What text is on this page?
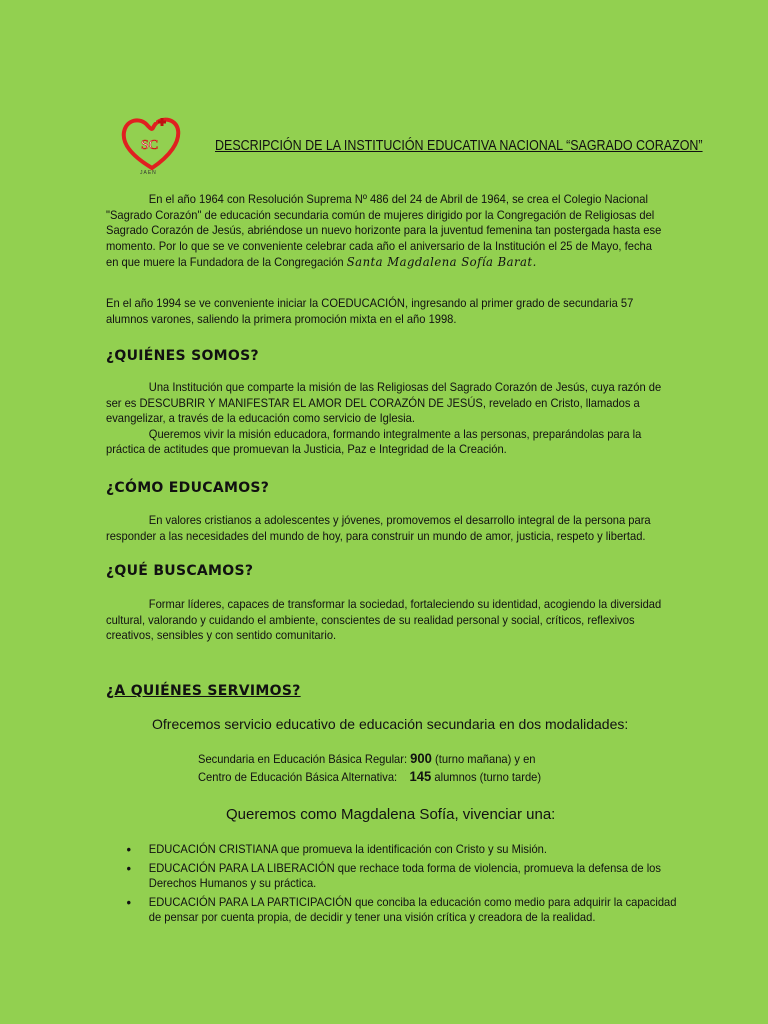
SC
JAEN
DESCRIPCIÓN DE LA INSTITUCIÓN EDUCATIVA NACIONAL “SAGRADO CORAZON”

En el año 1964 con Resolución Suprema Nº 486 del 24 de Abril de 1964, se crea el Colegio Nacional "Sagrado Corazón" de educación secundaria común de mujeres dirigido por la Congregación de Religiosas del Sagrado Corazón de Jesús, abriéndose un nuevo horizonte para la juventud femenina tan postergada hasta ese momento. Por lo que se ve conveniente celebrar cada año el aniversario de la Institución el 25 de Mayo, fecha en que muere la Fundadora de la Congregación Santa Magdalena Sofía Barat.

En el año 1994 se ve conveniente iniciar la COEDUCACIÓN, ingresando al primer grado de secundaria 57 alumnos varones, saliendo la primera promoción mixta en el año 1998.

¿QUIÉNES SOMOS?

Una Institución que comparte la misión de las Religiosas del Sagrado Corazón de Jesús, cuya razón de ser es DESCUBRIR Y MANIFESTAR EL AMOR DEL CORAZÓN DE JESÚS, revelado en Cristo, llamados a evangelizar, a través de la educación como servicio de Iglesia.

Queremos vivir la misión educadora, formando integralmente a las personas, preparándolas para la práctica de actitudes que promuevan la Justicia, Paz e Integridad de la Creación.

¿CÓMO EDUCAMOS?

En valores cristianos a adolescentes y jóvenes, promovemos el desarrollo integral de la persona para responder a las necesidades del mundo de hoy, para construir un mundo de amor, justicia, respeto y libertad.

¿QUÉ BUSCAMOS?

Formar líderes, capaces de transformar la sociedad, fortaleciendo su identidad, acogiendo la diversidad cultural, valorando y cuidando el ambiente, conscientes de su realidad personal y social, críticos, reflexivos creativos, sensibles y con sentido comunitario.

¿A QUIÉNES SERVIMOS?
Ofrecemos servicio educativo de educación secundaria en dos modalidades:
Secundaria en Educación Básica Regular: 900 (turno mañana) y en
Centro de Educación Básica Alternativa: 145 alumnos (turno tarde)
Queremos como Magdalena Sofía, vivenciar una:
• EDUCACIÓN CRISTIANA que promueva la identificación con Cristo y su Misión.
• EDUCACIÓN PARA LA LIBERACIÓN que rechace toda forma de violencia, promueva la defensa de los Derechos Humanos y su práctica.
• EDUCACIÓN PARA LA PARTICIPACIÓN que conciba la educación como medio para adquirir la capacidad de pensar por cuenta propia, de decidir y tener una visión crítica y creadora de la realidad.
